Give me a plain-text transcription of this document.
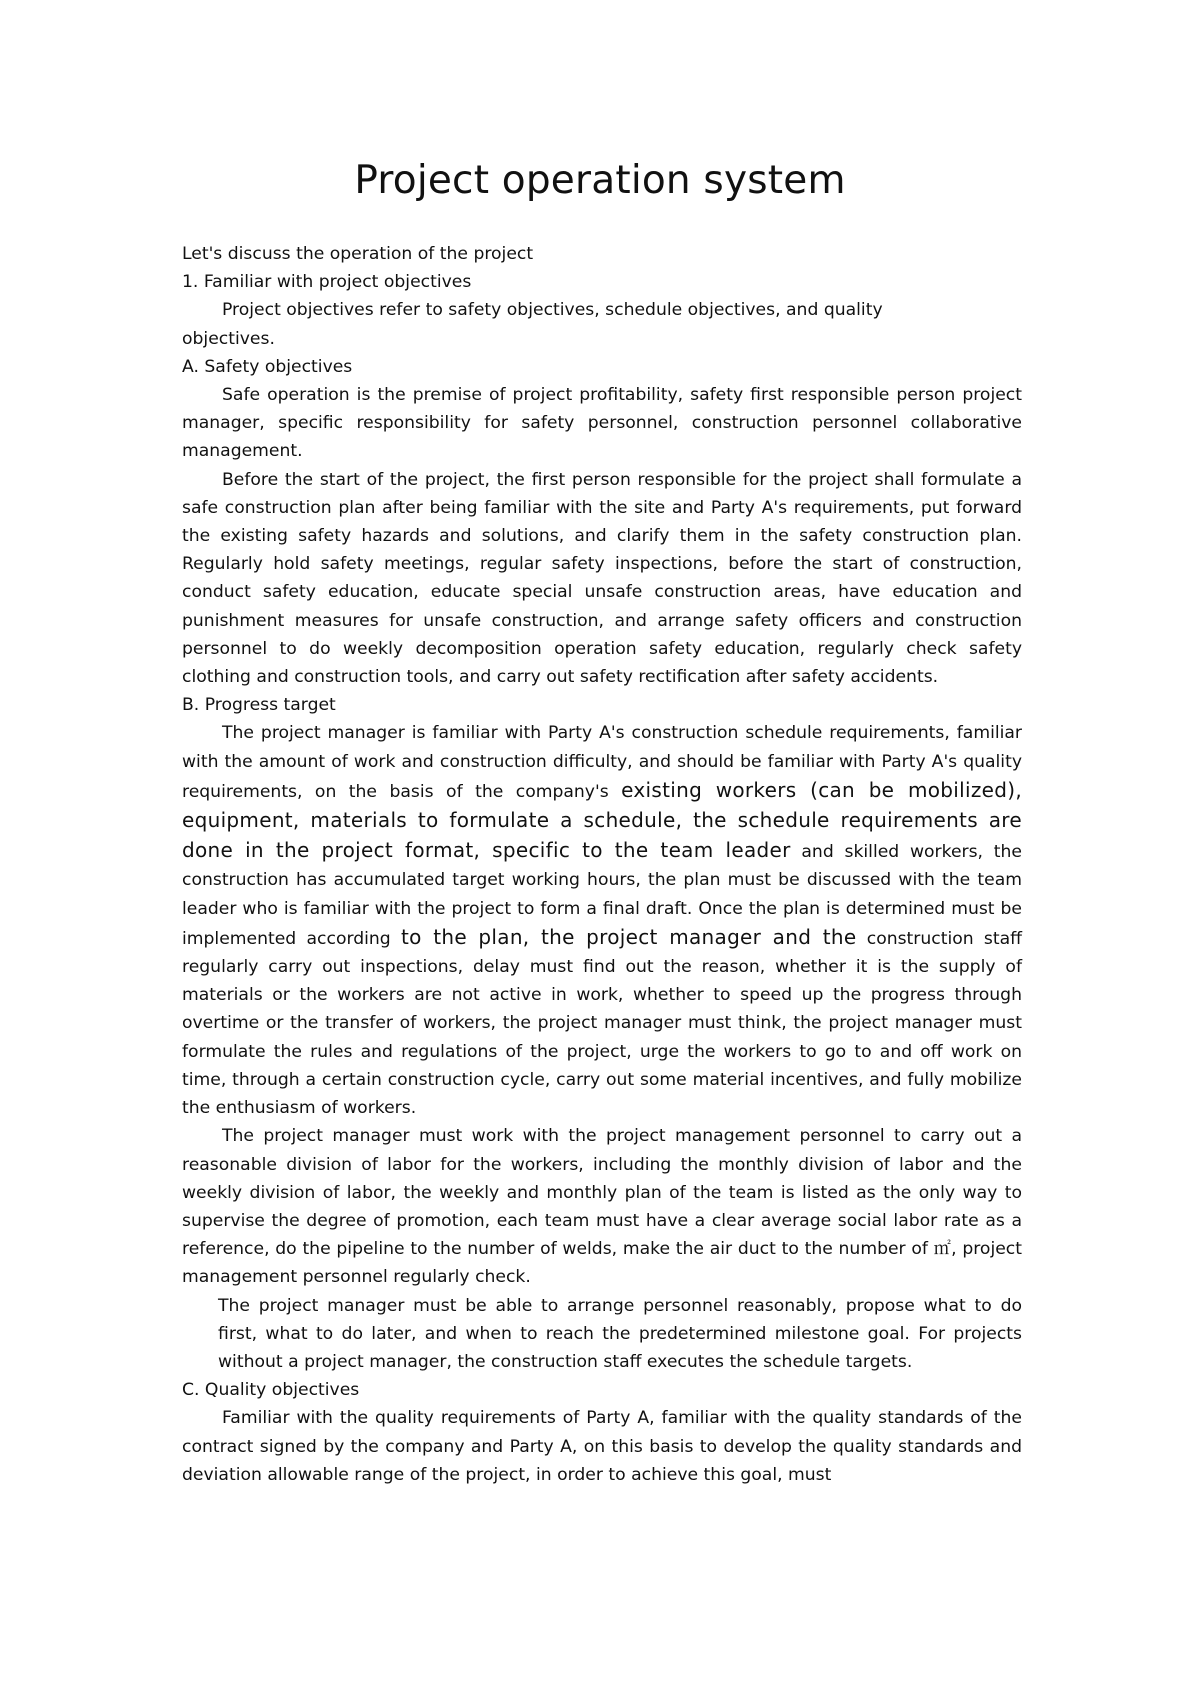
Project operation system

Let's discuss the operation of the project

1. Familiar with project objectives

Project objectives refer to safety objectives, schedule objectives, and quality

objectives.

A. Safety objectives

Safe operation is the premise of project profitability, safety first responsible person project manager, specific responsibility for safety personnel, construction personnel collaborative management.

Before the start of the project, the first person responsible for the project shall formulate a safe construction plan after being familiar with the site and Party A's requirements, put forward the existing safety hazards and solutions, and clarify them in the safety construction plan. Regularly hold safety meetings, regular safety inspections, before the start of construction, conduct safety education, educate special unsafe construction areas, have education and punishment measures for unsafe construction, and arrange safety officers and construction personnel to do weekly decomposition operation safety education, regularly check safety clothing and construction tools, and carry out safety rectification after safety accidents.

B. Progress target

The project manager is familiar with Party A's construction schedule requirements, familiar with the amount of work and construction difficulty, and should be familiar with Party A's quality requirements, on the basis of the company's existing workers (can be mobilized), equipment, materials to formulate a schedule, the schedule requirements are done in the project format, specific to the team leader and skilled workers, the construction has accumulated target working hours, the plan must be discussed with the team leader who is familiar with the project to form a final draft. Once the plan is determined must be implemented according to the plan, the project manager and the construction staff regularly carry out inspections, delay must find out the reason, whether it is the supply of materials or the workers are not active in work, whether to speed up the progress through overtime or the transfer of workers, the project manager must think, the project manager must formulate the rules and regulations of the project, urge the workers to go to and off work on time, through a certain construction cycle, carry out some material incentives, and fully mobilize the enthusiasm of workers.

The project manager must work with the project management personnel to carry out a reasonable division of labor for the workers, including the monthly division of labor and the weekly division of labor, the weekly and monthly plan of the team is listed as the only way to supervise the degree of promotion, each team must have a clear average social labor rate as a reference, do the pipeline to the number of welds, make the air duct to the number of ㎡, project management personnel regularly check.

The project manager must be able to arrange personnel reasonably, propose what to do first, what to do later, and when to reach the predetermined milestone goal. For projects without a project manager, the construction staff executes the schedule targets.

C. Quality objectives

Familiar with the quality requirements of Party A, familiar with the quality standards of the contract signed by the company and Party A, on this basis to develop the quality standards and deviation allowable range of the project, in order to achieve this goal, must
